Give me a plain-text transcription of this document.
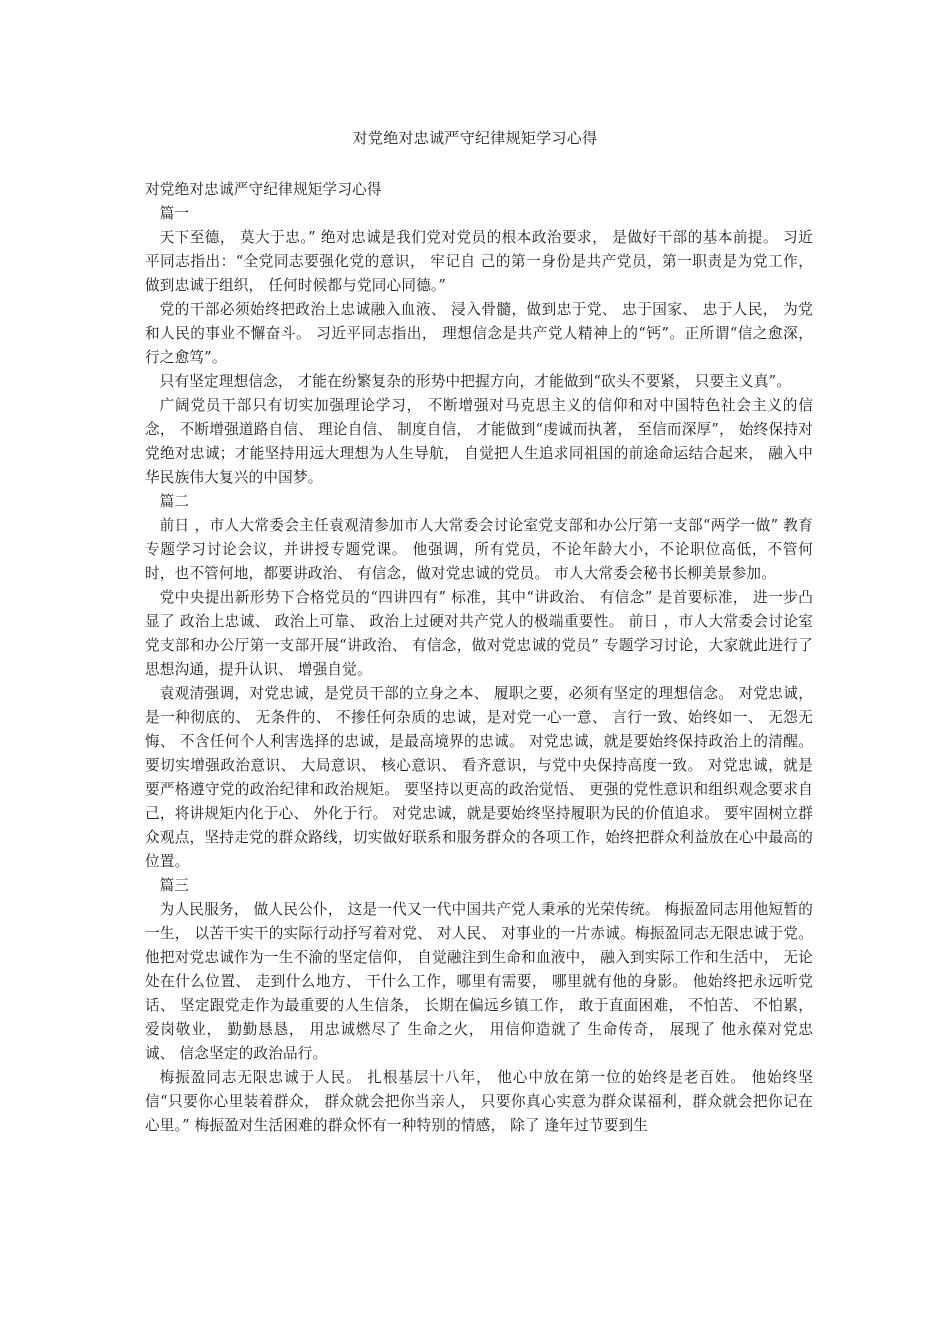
对党绝对忠诚严守纪律规矩学习心得

对党绝对忠诚严守纪律规矩学习心得

篇一

天下至德， 莫大于忠。” 绝对忠诚是我们党对党员的根本政治要求， 是做好干部的基本前提。 习近平同志指出：“全党同志要强化党的意识， 牢记自 己的第一身份是共产党员，第一职责是为党工作， 做到忠诚于组织， 任何时候都与党同心同德。”

党的干部必须始终把政治上忠诚融入血液、 浸入骨髓，做到忠于党、 忠于国家、 忠于人民， 为党和人民的事业不懈奋斗。 习近平同志指出， 理想信念是共产党人精神上的“钙”。正所谓“信之愈深， 行之愈笃”。

只有坚定理想信念， 才能在纷繁复杂的形势中把握方向，才能做到“砍头不要紧， 只要主义真”。

广阔党员干部只有切实加强理论学习， 不断增强对马克思主义的信仰和对中国特色社会主义的信念， 不断增强道路自信、 理论自信、 制度自信， 才能做到“虔诚而执著， 至信而深厚”， 始终保持对党绝对忠诚；才能坚持用远大理想为人生导航， 自觉把人生追求同祖国的前途命运结合起来， 融入中华民族伟大复兴的中国梦。

篇二

前日 ，市人大常委会主任袁观清参加市人大常委会讨论室党支部和办公厅第一支部“两学一做” 教育专题学习讨论会议，并讲授专题党课。 他强调，所有党员，不论年龄大小，不论职位高低，不管何时，也不管何地，都要讲政治、 有信念，做对党忠诚的党员。 市人大常委会秘书长柳美景参加。

党中央提出新形势下合格党员的“四讲四有” 标准，其中“讲政治、 有信念” 是首要标准， 进一步凸显了 政治上忠诚、 政治上可靠、 政治上过硬对共产党人的极端重要性。 前日 ，市人大常委会讨论室党支部和办公厅第一支部开展“讲政治、 有信念，做对党忠诚的党员” 专题学习讨论，大家就此进行了 思想沟通，提升认识、 增强自觉。

袁观清强调，对党忠诚，是党员干部的立身之本、 履职之要，必须有坚定的理想信念。 对党忠诚，是一种彻底的、 无条件的、 不掺任何杂质的忠诚，是对党一心一意、 言行一致、始终如一、 无怨无悔、 不含任何个人利害选择的忠诚，是最高境界的忠诚。 对党忠诚，就是要始终保持政治上的清醒。要切实增强政治意识、 大局意识、 核心意识、 看齐意识，与党中央保持高度一致。 对党忠诚，就是要严格遵守党的政治纪律和政治规矩。 要坚持以更高的政治觉悟、 更强的党性意识和组织观念要求自 己，将讲规矩内化于心、 外化于行。 对党忠诚，就是要始终坚持履职为民的价值追求。 要牢固树立群众观点，坚持走党的群众路线，切实做好联系和服务群众的各项工作，始终把群众利益放在心中最高的位置。

篇三

为人民服务， 做人民公仆， 这是一代又一代中国共产党人秉承的光荣传统。 梅振盈同志用他短暂的一生， 以苦干实干的实际行动抒写着对党、 对人民、 对事业的一片赤诚。梅振盈同志无限忠诚于党。 他把对党忠诚作为一生不渝的坚定信仰， 自觉融注到生命和血液中， 融入到实际工作和生活中， 无论处在什么位置、 走到什么地方、 干什么工作，哪里有需要， 哪里就有他的身影。 他始终把永远听党话、 坚定跟党走作为最重要的人生信条， 长期在偏远乡镇工作， 敢于直面困难， 不怕苦、 不怕累， 爱岗敬业， 勤勤恳恳， 用忠诚燃尽了 生命之火， 用信仰造就了 生命传奇， 展现了 他永葆对党忠诚、 信念坚定的政治品行。

梅振盈同志无限忠诚于人民。 扎根基层十八年， 他心中放在第一位的始终是老百姓。 他始终坚信“只要你心里装着群众， 群众就会把你当亲人， 只要你真心实意为群众谋福利，群众就会把你记在心里。” 梅振盈对生活困难的群众怀有一种特别的情感， 除了 逢年过节要到生
